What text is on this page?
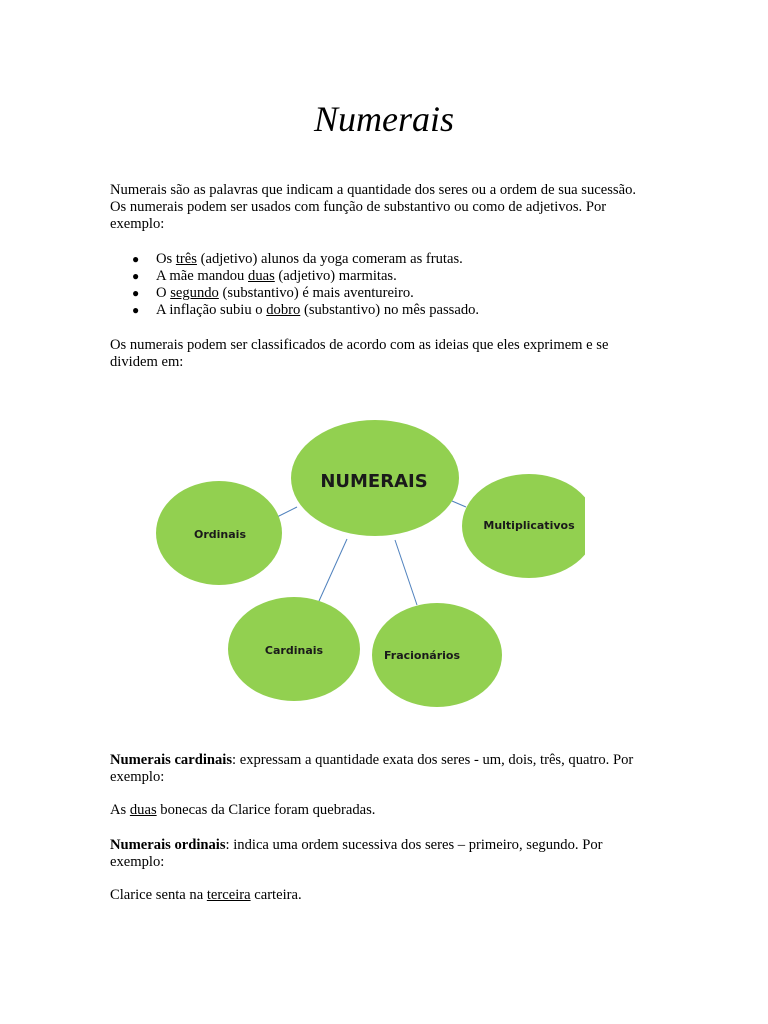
Numerais
Numerais são as palavras que indicam a quantidade dos seres ou a ordem de sua sucessão. Os numerais podem ser usados com função de substantivo ou como de adjetivos. Por exemplo:
● Os três (adjetivo) alunos da yoga comeram as frutas.
● A mãe mandou duas (adjetivo) marmitas.
● O segundo (substantivo) é mais aventureiro.
● A inflação subiu o dobro (substantivo) no mês passado.
Os numerais podem ser classificados de acordo com as ideias que eles exprimem e se dividem em:
NUMERAIS
Ordinais
Multiplicativos
Cardinais	Fracionários
Numerais cardinais: expressam a quantidade exata dos seres - um, dois, três, quatro. Por exemplo:
As duas bonecas da Clarice foram quebradas.
Numerais ordinais: indica uma ordem sucessiva dos seres – primeiro, segundo. Por exemplo:
Clarice senta na terceira carteira.
